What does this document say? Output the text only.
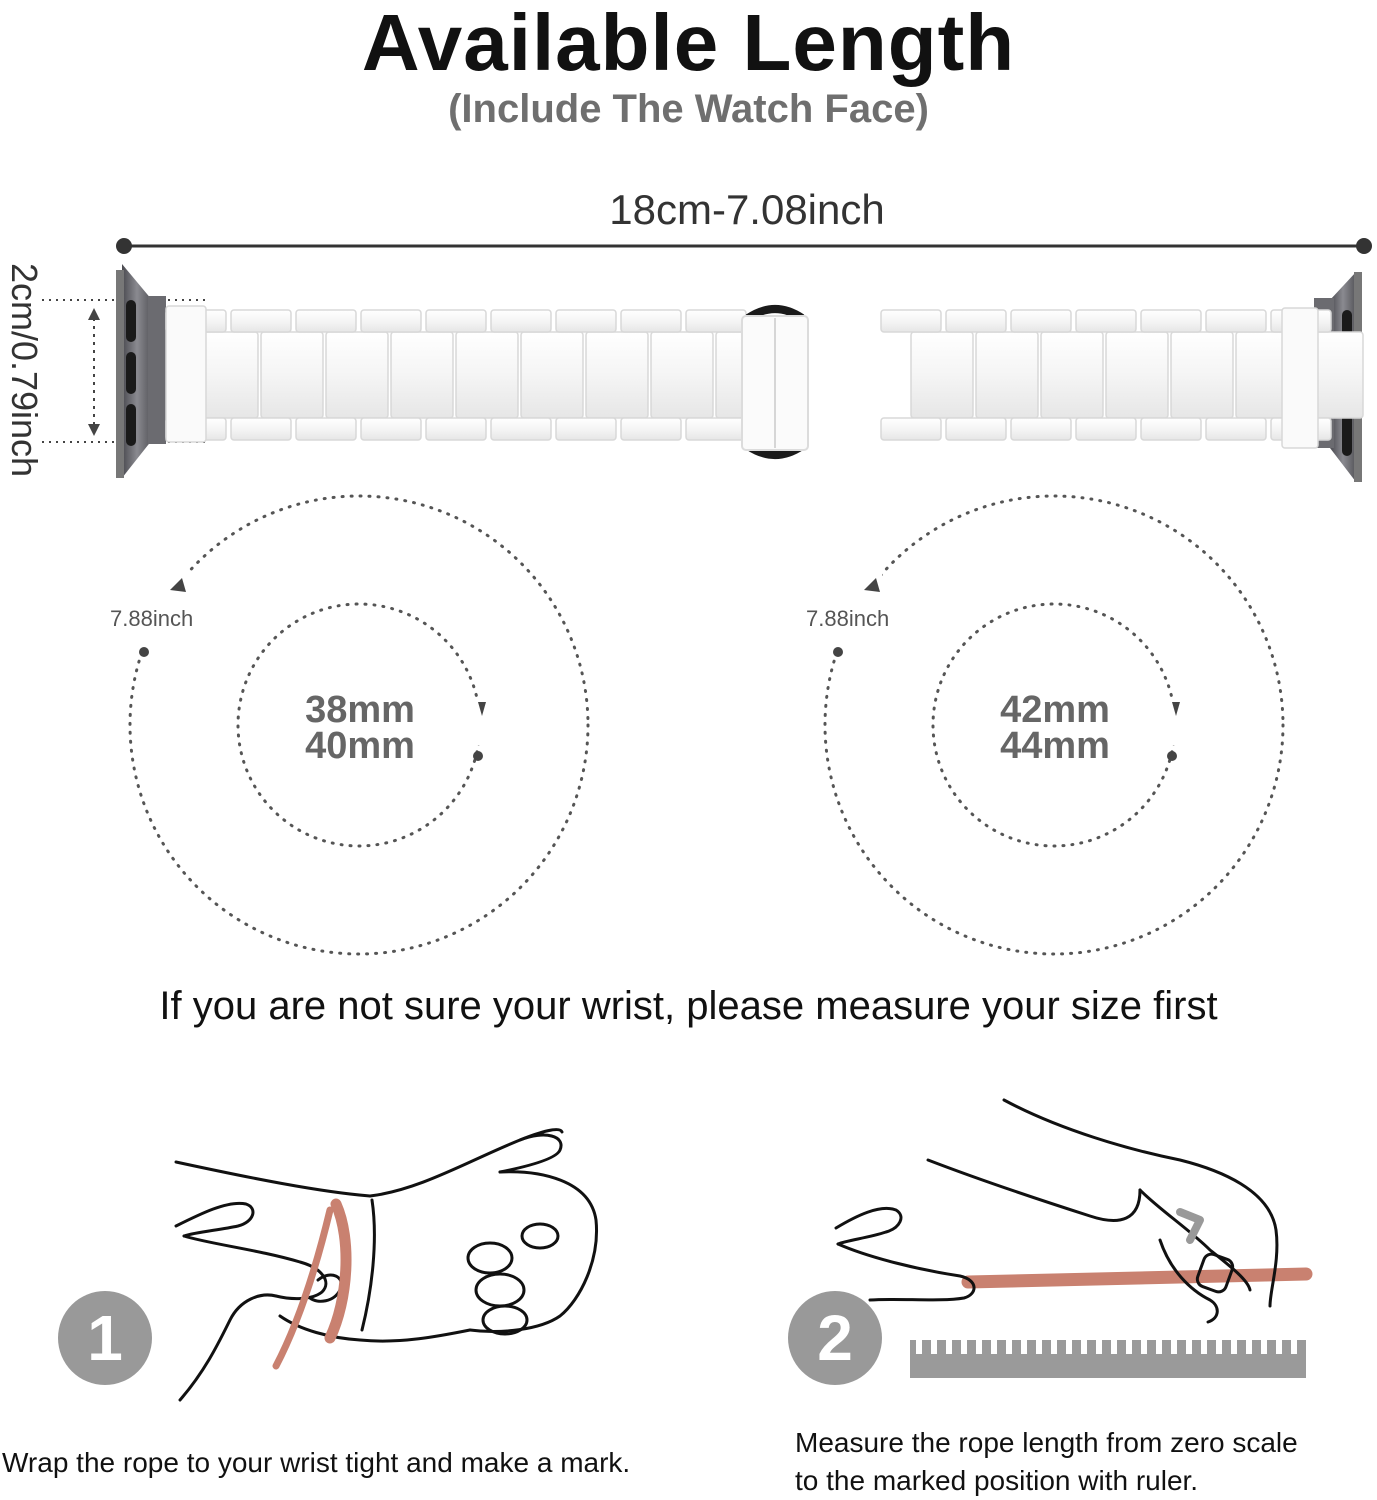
Available Length
(Include The Watch Face)
18cm-7.08inch
2cm/0.79inch
7.88inch
38mm
40mm
7.88inch
42mm
44mm
If you are not sure your wrist, please measure your size first
1	2
Wrap the rope to your wrist tight and make a mark.
Measure the rope length from zero scale
to the marked position with ruler.
